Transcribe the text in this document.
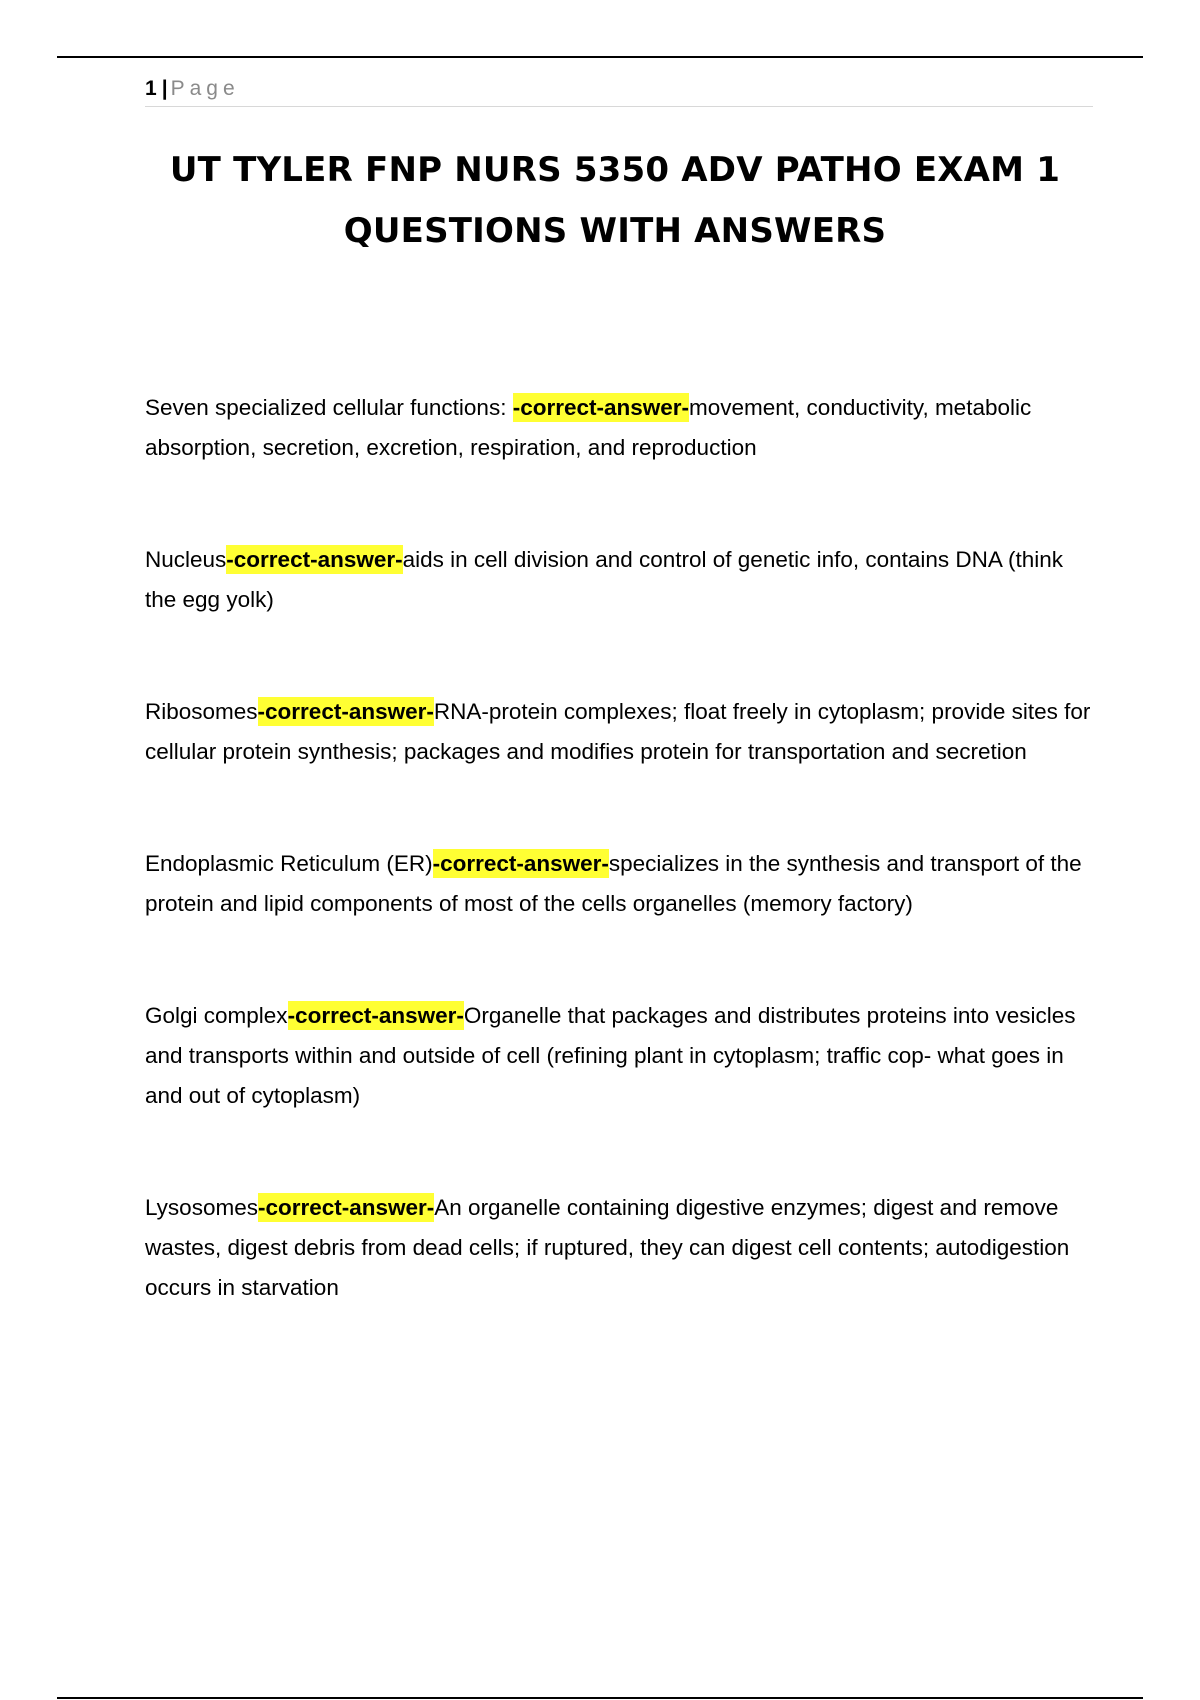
1 | Page
UT TYLER FNP NURS 5350 ADV PATHO EXAM 1
QUESTIONS WITH ANSWERS

Seven specialized cellular functions: -correct-answer-movement, conductivity, metabolic absorption, secretion, excretion, respiration, and reproduction

Nucleus-correct-answer-aids in cell division and control of genetic info, contains DNA (think the egg yolk)

Ribosomes-correct-answer-RNA-protein complexes; float freely in cytoplasm; provide sites for cellular protein synthesis; packages and modifies protein for transportation and secretion

Endoplasmic Reticulum (ER)-correct-answer-specializes in the synthesis and transport of the protein and lipid components of most of the cells organelles (memory factory)

Golgi complex-correct-answer-Organelle that packages and distributes proteins into vesicles and transports within and outside of cell (refining plant in cytoplasm; traffic cop- what goes in and out of cytoplasm)

Lysosomes-correct-answer-An organelle containing digestive enzymes; digest and remove wastes, digest debris from dead cells; if ruptured, they can digest cell contents; autodigestion occurs in starvation
